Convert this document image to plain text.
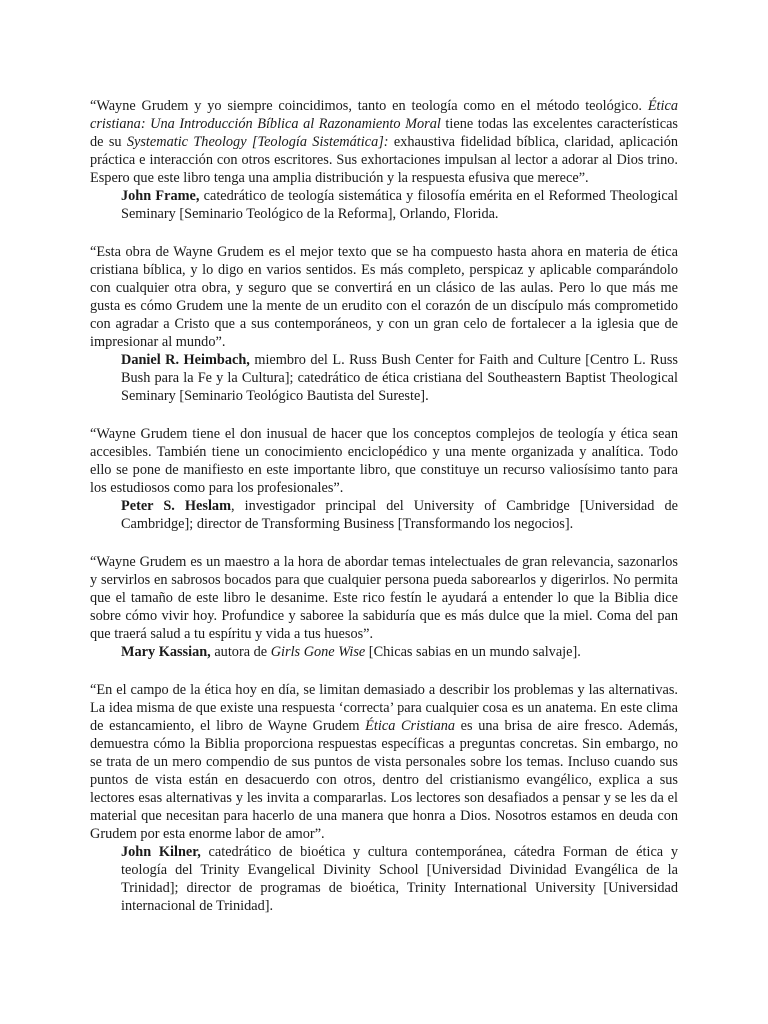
“Wayne Grudem y yo siempre coincidimos, tanto en teología como en el método teológico. Ética cristiana: Una Introducción Bíblica al Razonamiento Moral tiene todas las excelentes características de su Systematic Theology [Teología Sistemática]: exhaustiva fidelidad bíblica, claridad, aplicación práctica e interacción con otros escritores. Sus exhortaciones impulsan al lector a adorar al Dios trino. Espero que este libro tenga una amplia distribución y la respuesta efusiva que merece”.

John Frame, catedrático de teología sistemática y filosofía emérita en el Reformed Theological Seminary [Seminario Teológico de la Reforma], Orlando, Florida.

“Esta obra de Wayne Grudem es el mejor texto que se ha compuesto hasta ahora en materia de ética cristiana bíblica, y lo digo en varios sentidos. Es más completo, perspicaz y aplicable comparándolo con cualquier otra obra, y seguro que se convertirá en un clásico de las aulas. Pero lo que más me gusta es cómo Grudem une la mente de un erudito con el corazón de un discípulo más comprometido con agradar a Cristo que a sus contemporáneos, y con un gran celo de fortalecer a la iglesia que de impresionar al mundo”.

Daniel R. Heimbach, miembro del L. Russ Bush Center for Faith and Culture [Centro L. Russ Bush para la Fe y la Cultura]; catedrático de ética cristiana del Southeastern Baptist Theological Seminary [Seminario Teológico Bautista del Sureste].

“Wayne Grudem tiene el don inusual de hacer que los conceptos complejos de teología y ética sean accesibles. También tiene un conocimiento enciclopédico y una mente organizada y analítica. Todo ello se pone de manifiesto en este importante libro, que constituye un recurso valiosísimo tanto para los estudiosos como para los profesionales”.

Peter S. Heslam, investigador principal del University of Cambridge [Universidad de Cambridge]; director de Transforming Business [Transformando los negocios].

“Wayne Grudem es un maestro a la hora de abordar temas intelectuales de gran relevancia, sazonarlos y servirlos en sabrosos bocados para que cualquier persona pueda saborearlos y digerirlos. No permita que el tamaño de este libro le desanime. Este rico festín le ayudará a entender lo que la Biblia dice sobre cómo vivir hoy. Profundice y saboree la sabiduría que es más dulce que la miel. Coma del pan que traerá salud a tu espíritu y vida a tus huesos”.

Mary Kassian, autora de Girls Gone Wise [Chicas sabias en un mundo salvaje].

“En el campo de la ética hoy en día, se limitan demasiado a describir los problemas y las alternativas. La idea misma de que existe una respuesta ‘correcta’ para cualquier cosa es un anatema. En este clima de estancamiento, el libro de Wayne Grudem Ética Cristiana es una brisa de aire fresco. Además, demuestra cómo la Biblia proporciona respuestas específicas a preguntas concretas. Sin embargo, no se trata de un mero compendio de sus puntos de vista personales sobre los temas. Incluso cuando sus puntos de vista están en desacuerdo con otros, dentro del cristianismo evangélico, explica a sus lectores esas alternativas y les invita a compararlas. Los lectores son desafiados a pensar y se les da el material que necesitan para hacerlo de una manera que honra a Dios. Nosotros estamos en deuda con Grudem por esta enorme labor de amor”.

John Kilner, catedrático de bioética y cultura contemporánea, cátedra Forman de ética y teología del Trinity Evangelical Divinity School [Universidad Divinidad Evangélica de la Trinidad]; director de programas de bioética, Trinity International University [Universidad internacional de Trinidad].
